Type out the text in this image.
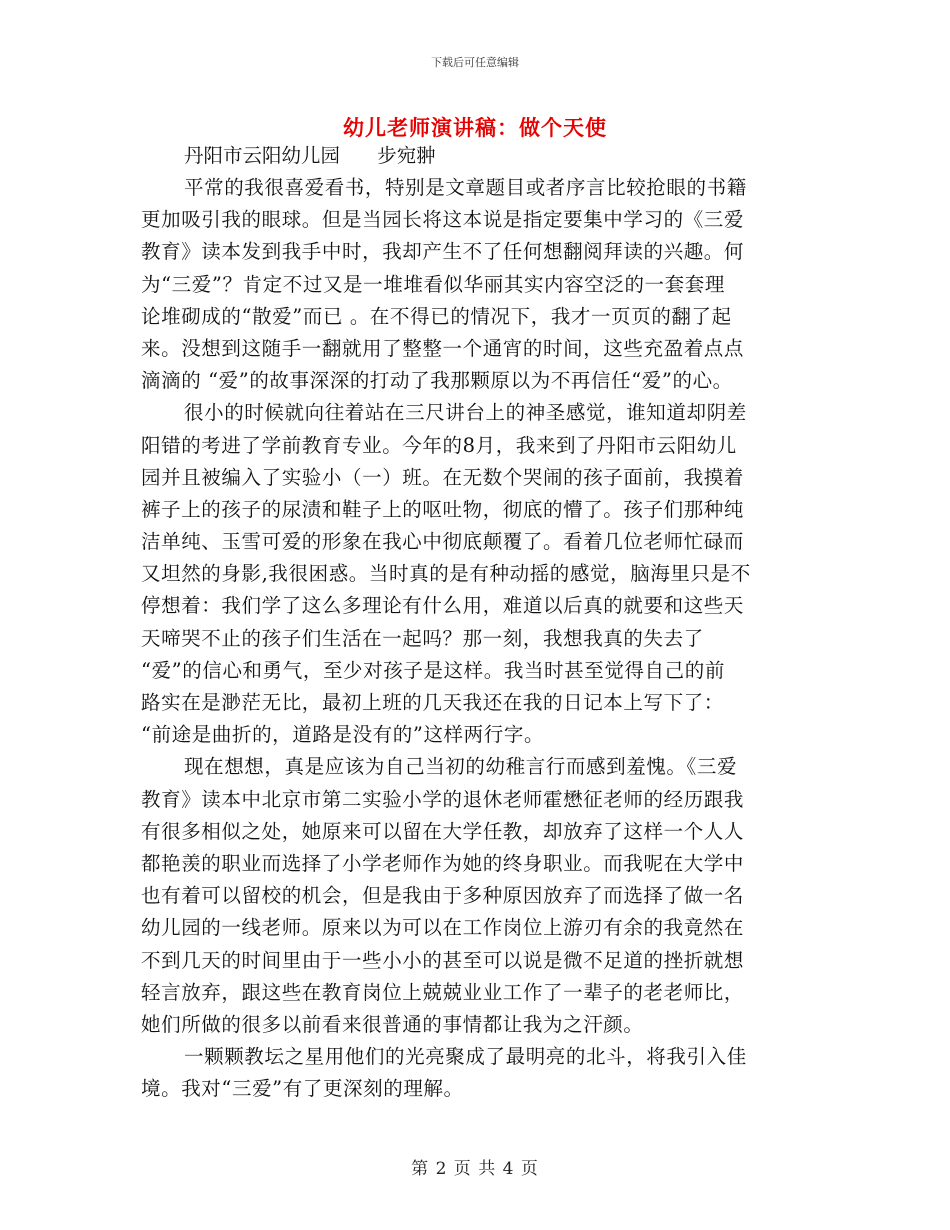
下载后可任意编辑
幼儿老师演讲稿：做个天使
丹阳市云阳幼儿园      步宛翀
平常的我很喜爱看书，特别是文章题目或者序言比较抢眼的书籍
更加吸引我的眼球。但是当园长将这本说是指定要集中学习的《三爱
教育》读本发到我手中时，我却产生不了任何想翻阅拜读的兴趣。何
为“三爱”？肯定不过又是一堆堆看似华丽其实内容空泛的一套套理
论堆砌成的“散爱”而已 。在不得已的情况下，我才一页页的翻了起
来。没想到这随手一翻就用了整整一个通宵的时间，这些充盈着点点
滴滴的 “爱”的故事深深的打动了我那颗原以为不再信任“爱”的心。
很小的时候就向往着站在三尺讲台上的神圣感觉，谁知道却阴差
阳错的考进了学前教育专业。今年的8月，我来到了丹阳市云阳幼儿
园并且被编入了实验小（一）班。在无数个哭闹的孩子面前，我摸着
裤子上的孩子的尿渍和鞋子上的呕吐物，彻底的懵了。孩子们那种纯
洁单纯、玉雪可爱的形象在我心中彻底颠覆了。看着几位老师忙碌而
又坦然的身影,我很困惑。当时真的是有种动摇的感觉，脑海里只是不
停想着：我们学了这么多理论有什么用，难道以后真的就要和这些天
天啼哭不止的孩子们生活在一起吗？那一刻，我想我真的失去了
“爱”的信心和勇气，至少对孩子是这样。我当时甚至觉得自己的前
路实在是渺茫无比，最初上班的几天我还在我的日记本上写下了：
“前途是曲折的，道路是没有的”这样两行字。
现在想想，真是应该为自己当初的幼稚言行而感到羞愧。《三爱
教育》读本中北京市第二实验小学的退休老师霍懋征老师的经历跟我
有很多相似之处，她原来可以留在大学任教，却放弃了这样一个人人
都艳羡的职业而选择了小学老师作为她的终身职业。而我呢在大学中
也有着可以留校的机会，但是我由于多种原因放弃了而选择了做一名
幼儿园的一线老师。原来以为可以在工作岗位上游刃有余的我竟然在
不到几天的时间里由于一些小小的甚至可以说是微不足道的挫折就想
轻言放弃，跟这些在教育岗位上兢兢业业工作了一辈子的老老师比，
她们所做的很多以前看来很普通的事情都让我为之汗颜。
一颗颗教坛之星用他们的光亮聚成了最明亮的北斗，将我引入佳
境。我对“三爱”有了更深刻的理解。
第 2 页 共 4 页
